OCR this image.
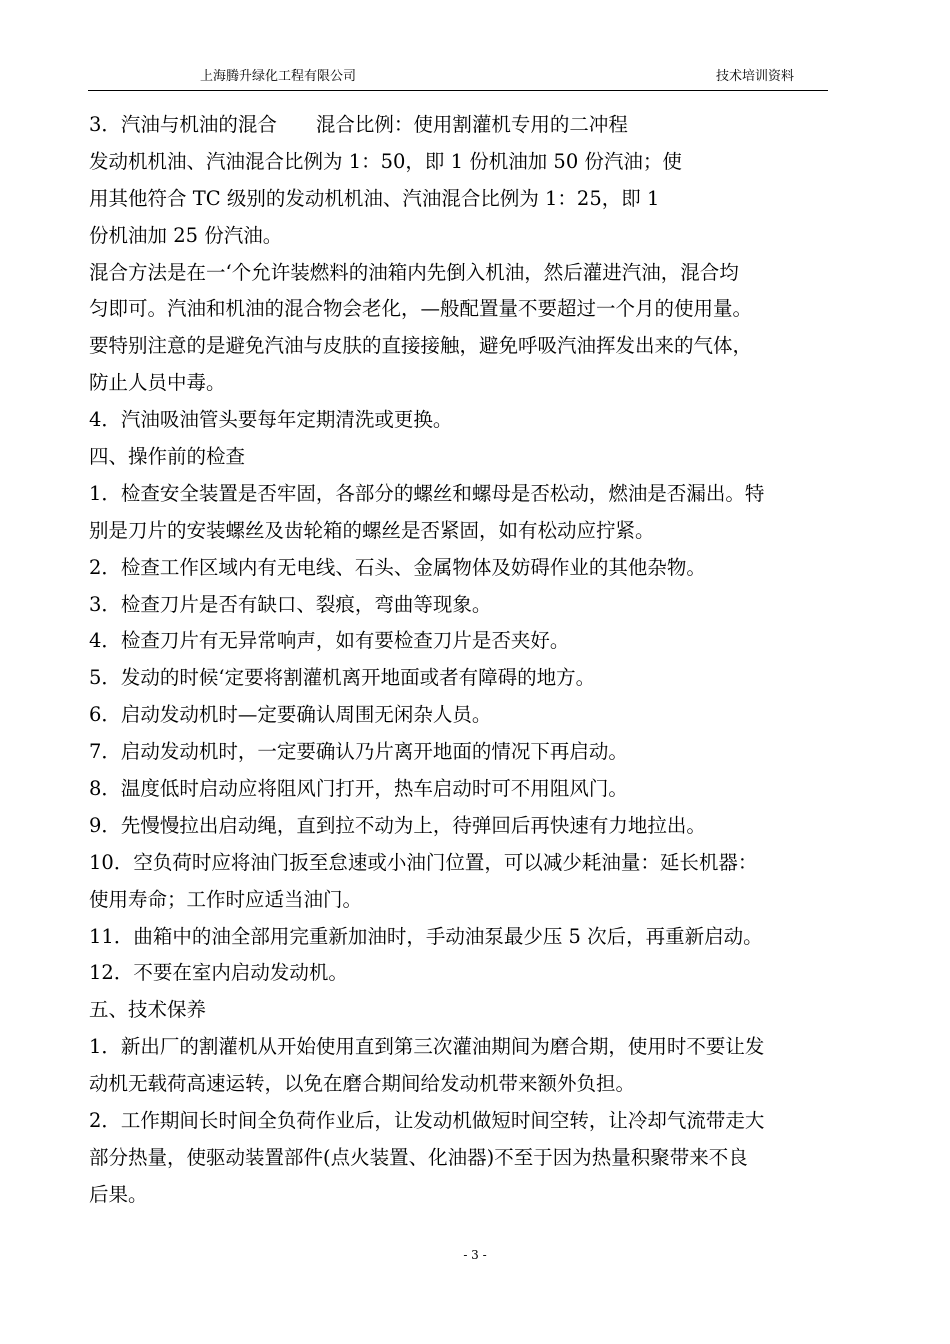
上海腾升绿化工程有限公司	技术培训资料
3．汽油与机油的混合　　混合比例：使用割灌机专用的二冲程
发动机机油、汽油混合比例为 1：50，即 1 份机油加 50 份汽油；使
用其他符合 TC 级别的发动机机油、汽油混合比例为 1：25，即 1
份机油加 25 份汽油。
混合方法是在一‘个允许装燃料的油箱内先倒入机油，然后灌进汽油，混合均
匀即可。汽油和机油的混合物会老化，—般配置量不要超过一个月的使用量。
要特别注意的是避免汽油与皮肤的直接接触，避免呼吸汽油挥发出来的气体，
防止人员中毒。
4．汽油吸油管头要每年定期清洗或更换。
四、操作前的检查
1．检查安全装置是否牢固，各部分的螺丝和螺母是否松动，燃油是否漏出。特
别是刀片的安装螺丝及齿轮箱的螺丝是否紧固，如有松动应拧紧。
2．检查工作区域内有无电线、石头、金属物体及妨碍作业的其他杂物。
3．检查刀片是否有缺口、裂痕，弯曲等现象。
4．检查刀片有无异常响声，如有要检查刀片是否夹好。
5．发动的时候‘定要将割灌机离开地面或者有障碍的地方。
6．启动发动机时—定要确认周围无闲杂人员。
7．启动发动机时，一定要确认乃片离开地面的情况下再启动。
8．温度低时启动应将阻风门打开，热车启动时可不用阻风门。
9．先慢慢拉出启动绳，直到拉不动为上，待弹回后再快速有力地拉出。
10．空负荷时应将油门扳至怠速或小油门位置，可以减少耗油量：延长机器：
使用寿命；工作时应适当油门。
11．曲箱中的油全部用完重新加油时，手动油泵最少压 5 次后，再重新启动。
12．不要在室内启动发动机。
五、技术保养
1．新出厂的割灌机从开始使用直到第三次灌油期间为磨合期，使用时不要让发
动机无载荷高速运转，以免在磨合期间给发动机带来额外负担。
2．工作期间长时间全负荷作业后，让发动机做短时间空转，让冷却气流带走大
部分热量，使驱动装置部件(点火装置、化油器)不至于因为热量积聚带来不良
后果。
- 3 -
